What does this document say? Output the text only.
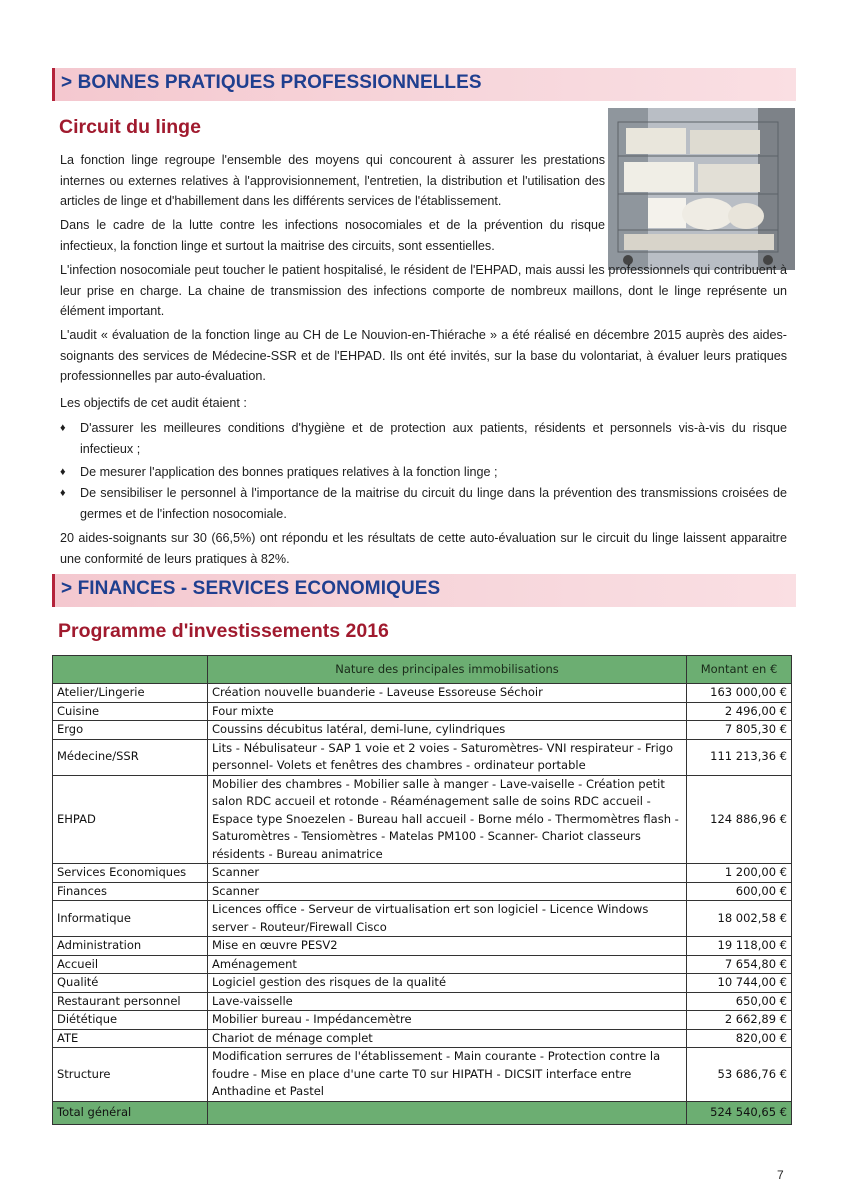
> BONNES PRATIQUES PROFESSIONNELLES
Circuit du linge
La fonction linge regroupe l'ensemble des moyens qui concourent à assurer les prestations internes ou externes relatives à l'approvisionnement, l'entretien, la distribution et l'utilisation des articles de linge et d'habillement dans les différents services de l'établissement.
Dans le cadre de la lutte contre les infections nosocomiales et de la prévention du risque infectieux, la fonction linge et surtout la maitrise des circuits, sont essentielles.
L'infection nosocomiale peut toucher le patient hospitalisé, le résident de l'EHPAD, mais aussi les professionnels qui contribuent à leur prise en charge. La chaine de transmission des infections comporte de nombreux maillons, dont le linge représente un élément important.
L'audit « évaluation de la fonction linge au CH de Le Nouvion-en-Thiérache » a été réalisé en décembre 2015 auprès des aides-soignants des services de Médecine-SSR et de l'EHPAD. Ils ont été invités, sur la base du volontariat, à évaluer leurs pratiques professionnelles par auto-évaluation.
Les objectifs de cet audit étaient :
♦ D'assurer les meilleures conditions d'hygiène et de protection aux patients, résidents et personnels vis-à-vis du risque infectieux ;
♦ De mesurer l'application des bonnes pratiques relatives à la fonction linge ;
♦ De sensibiliser le personnel à l'importance de la maitrise du circuit du linge dans la prévention des transmissions croisées de germes et de l'infection nosocomiale.
20 aides-soignants sur 30 (66,5%) ont répondu et les résultats de cette auto-évaluation sur le circuit du linge laissent apparaitre une conformité de leurs pratiques à 82%.
> FINANCES - SERVICES ECONOMIQUES
Programme d'investissements 2016
	Nature des principales immobilisations	Montant en €
Atelier/Lingerie	Création nouvelle buanderie - Laveuse Essoreuse Séchoir	163 000,00 €
Cuisine	Four mixte	2 496,00 €
Ergo	Coussins décubitus latéral, demi-lune, cylindriques	7 805,30 €
Médecine/SSR	Lits - Nébulisateur - SAP 1 voie et 2 voies - Saturomètres- VNI respirateur - Frigo personnel- Volets et fenêtres des chambres - ordinateur portable	111 213,36 €
EHPAD	Mobilier des chambres - Mobilier salle à manger - Lave-vaiselle - Création petit salon RDC accueil et rotonde - Réaménagement salle de soins RDC accueil - Espace type Snoezelen - Bureau hall accueil - Borne mélo - Thermomètres flash - Saturomètres - Tensiomètres - Matelas PM100 - Scanner- Chariot classeurs résidents - Bureau animatrice	124 886,96 €
Services Economiques	Scanner	1 200,00 €
Finances	Scanner	600,00 €
Informatique	Licences office - Serveur de virtualisation ert son logiciel - Licence Windows server - Routeur/Firewall Cisco	18 002,58 €
Administration	Mise en œuvre PESV2	19 118,00 €
Accueil	Aménagement	7 654,80 €
Qualité	Logiciel gestion des risques de la qualité	10 744,00 €
Restaurant personnel	Lave-vaisselle	650,00 €
Diététique	Mobilier bureau - Impédancemètre	2 662,89 €
ATE	Chariot de ménage complet	820,00 €
Structure	Modification serrures de l'établissement - Main courante - Protection contre la foudre - Mise en place d'une carte T0 sur HIPATH - DICSIT interface entre Anthadine et Pastel	53 686,76 €
Total général		524 540,65 €
7
